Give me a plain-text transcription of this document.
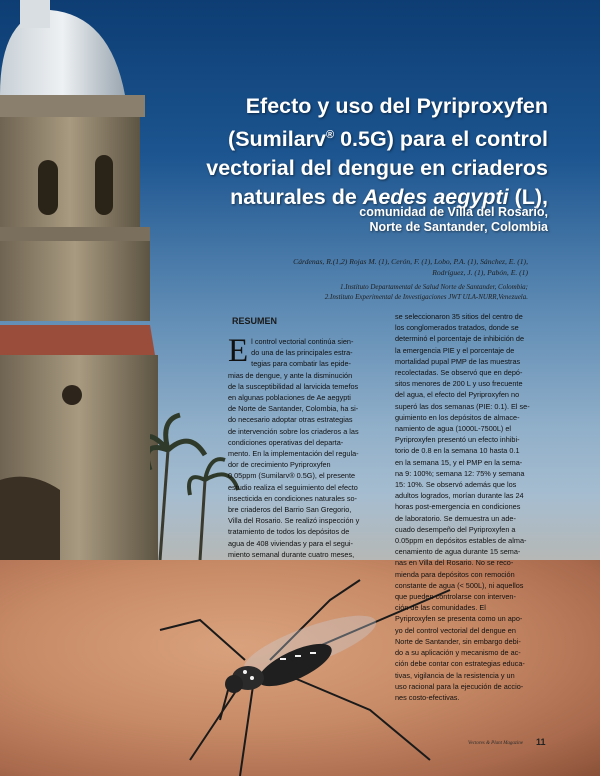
Efecto y uso del Pyriproxyfen
(Sumilarv® 0.5G) para el control
vectorial del dengue en criaderos
naturales de Aedes aegypti (L),
comunidad de Villa del Rosario,
Norte de Santander, Colombia
Cárdenas, R.(1,2) Rojas M. (1), Cerón, F. (1), Lobo, P.A. (1), Sánchez, E. (1),
Rodríguez, J. (1), Pabón, E. (1)
1.Instituto Departamental de Salud Norte de Santander, Colombia;
2.Instituto Experimental de Investigaciones JWT ULA-NURR,Venezuela.
RESUMEN
El control vectorial continúa sien-
do una de las principales estra-
tegias para combatir las epide-
mias de dengue, y ante la disminución
de la susceptibilidad al larvicida temefos
en algunas poblaciones de Ae aegypti
de Norte de Santander, Colombia, ha si-
do necesario adoptar otras estrategias
de intervención sobre los criaderos a las
condiciones operativas del departa-
mento. En la implementación del regula-
dor de crecimiento Pyriproxyfen
0.05ppm (Sumilarv® 0.5G), el presente
estudio realiza el seguimiento del efecto
insecticida en condiciones naturales so-
bre criaderos del Barrio San Gregorio,
Villa del Rosario. Se realizó inspección y
tratamiento de todos los depósitos de
agua de 408 viviendas y para el segui-
miento semanal durante cuatro meses,
se seleccionaron 35 sitios del centro de
los conglomerados tratados, donde se
determinó el porcentaje de inhibición de
la emergencia PIE y el porcentaje de
mortalidad pupal PMP de las muestras
recolectadas. Se observó que en depó-
sitos menores de 200 L y uso frecuente
del agua, el efecto del Pyriproxyfen no
superó las dos semanas (PIE: 0.1). El se-
guimiento en los depósitos de almace-
namiento de agua (1000L-7500L) el
Pyriproxyfen presentó un efecto inhibi-
torio de 0.8 en la semana 10 hasta 0.1
en la semana 15, y el PMP en la sema-
na 9: 100%; semana 12: 75% y semana
15: 10%. Se observó además que los
adultos logrados, morían durante las 24
horas post-emergencia en condiciones
de laboratorio. Se demuestra un ade-
cuado desempeño del Pyriproxyfen a
0.05ppm en depósitos estables de alma-
cenamiento de agua durante 15 sema-
nas en Villa del Rosario. No se reco-
mienda para depósitos con remoción
constante de agua (< 500L), ni aquellos
que pueden controlarse con interven-
ción de las comunidades. El
Pyriproxyfen se presenta como un apo-
yo del control vectorial del dengue en
Norte de Santander, sin embargo debi-
do a su aplicación y mecanismo de ac-
ción debe contar con estrategias educa-
tivas, vigilancia de la resistencia y un
uso racional para la ejecución de accio-
nes costo-efectivas.
Vectores & Plant Magazine 11
